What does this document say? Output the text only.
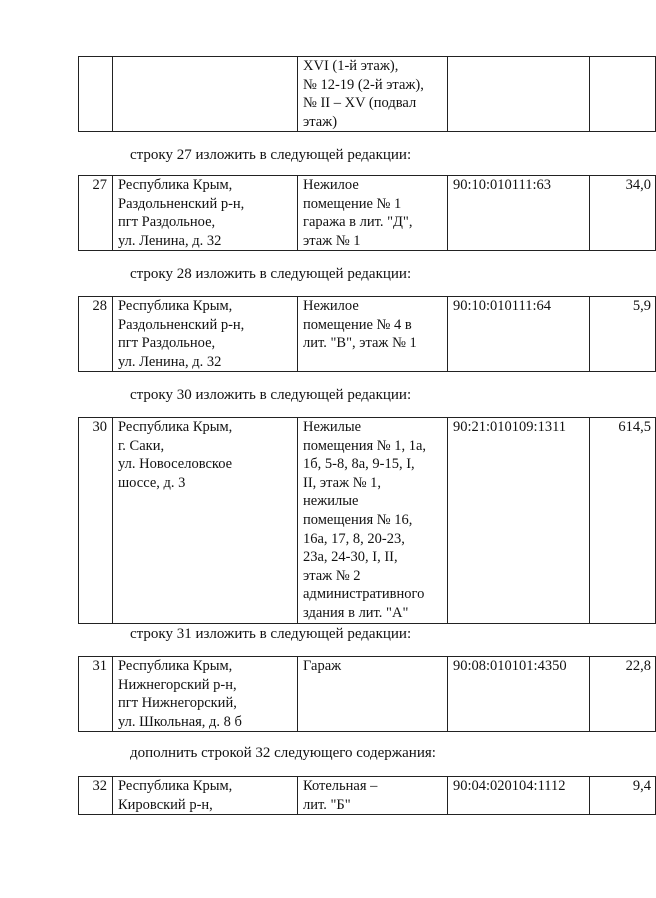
		XVI (1-й этаж),
№ 12-19 (2-й этаж),
№ II – XV (подвал
этаж)		
строку 27 изложить в следующей редакции:
27	Республика Крым,
Раздольненский р-н,
пгт Раздольное,
ул. Ленина, д. 32	Нежилое
помещение № 1
гаража в лит. "Д",
этаж № 1	90:10:010111:63	34,0
строку 28 изложить в следующей редакции:
28	Республика Крым,
Раздольненский р-н,
пгт Раздольное,
ул. Ленина, д. 32	Нежилое
помещение № 4 в
лит. "В", этаж № 1	90:10:010111:64	5,9
строку 30 изложить в следующей редакции:
30	Республика Крым,
г. Саки,
ул. Новоселовское
шоссе, д. 3	Нежилые
помещения № 1, 1а,
1б, 5-8, 8а, 9-15, I,
II, этаж № 1,
нежилые
помещения № 16,
16а, 17, 8, 20-23,
23а, 24-30, I, II,
этаж № 2
административного
здания в лит. "А"	90:21:010109:1311	614,5
строку 31 изложить в следующей редакции:
31	Республика Крым,
Нижнегорский р-н,
пгт Нижнегорский,
ул. Школьная, д. 8 б	Гараж	90:08:010101:4350	22,8
дополнить строкой 32 следующего содержания:
32	Республика Крым,
Кировский р-н,	Котельная –
лит. "Б"	90:04:020104:1112	9,4
